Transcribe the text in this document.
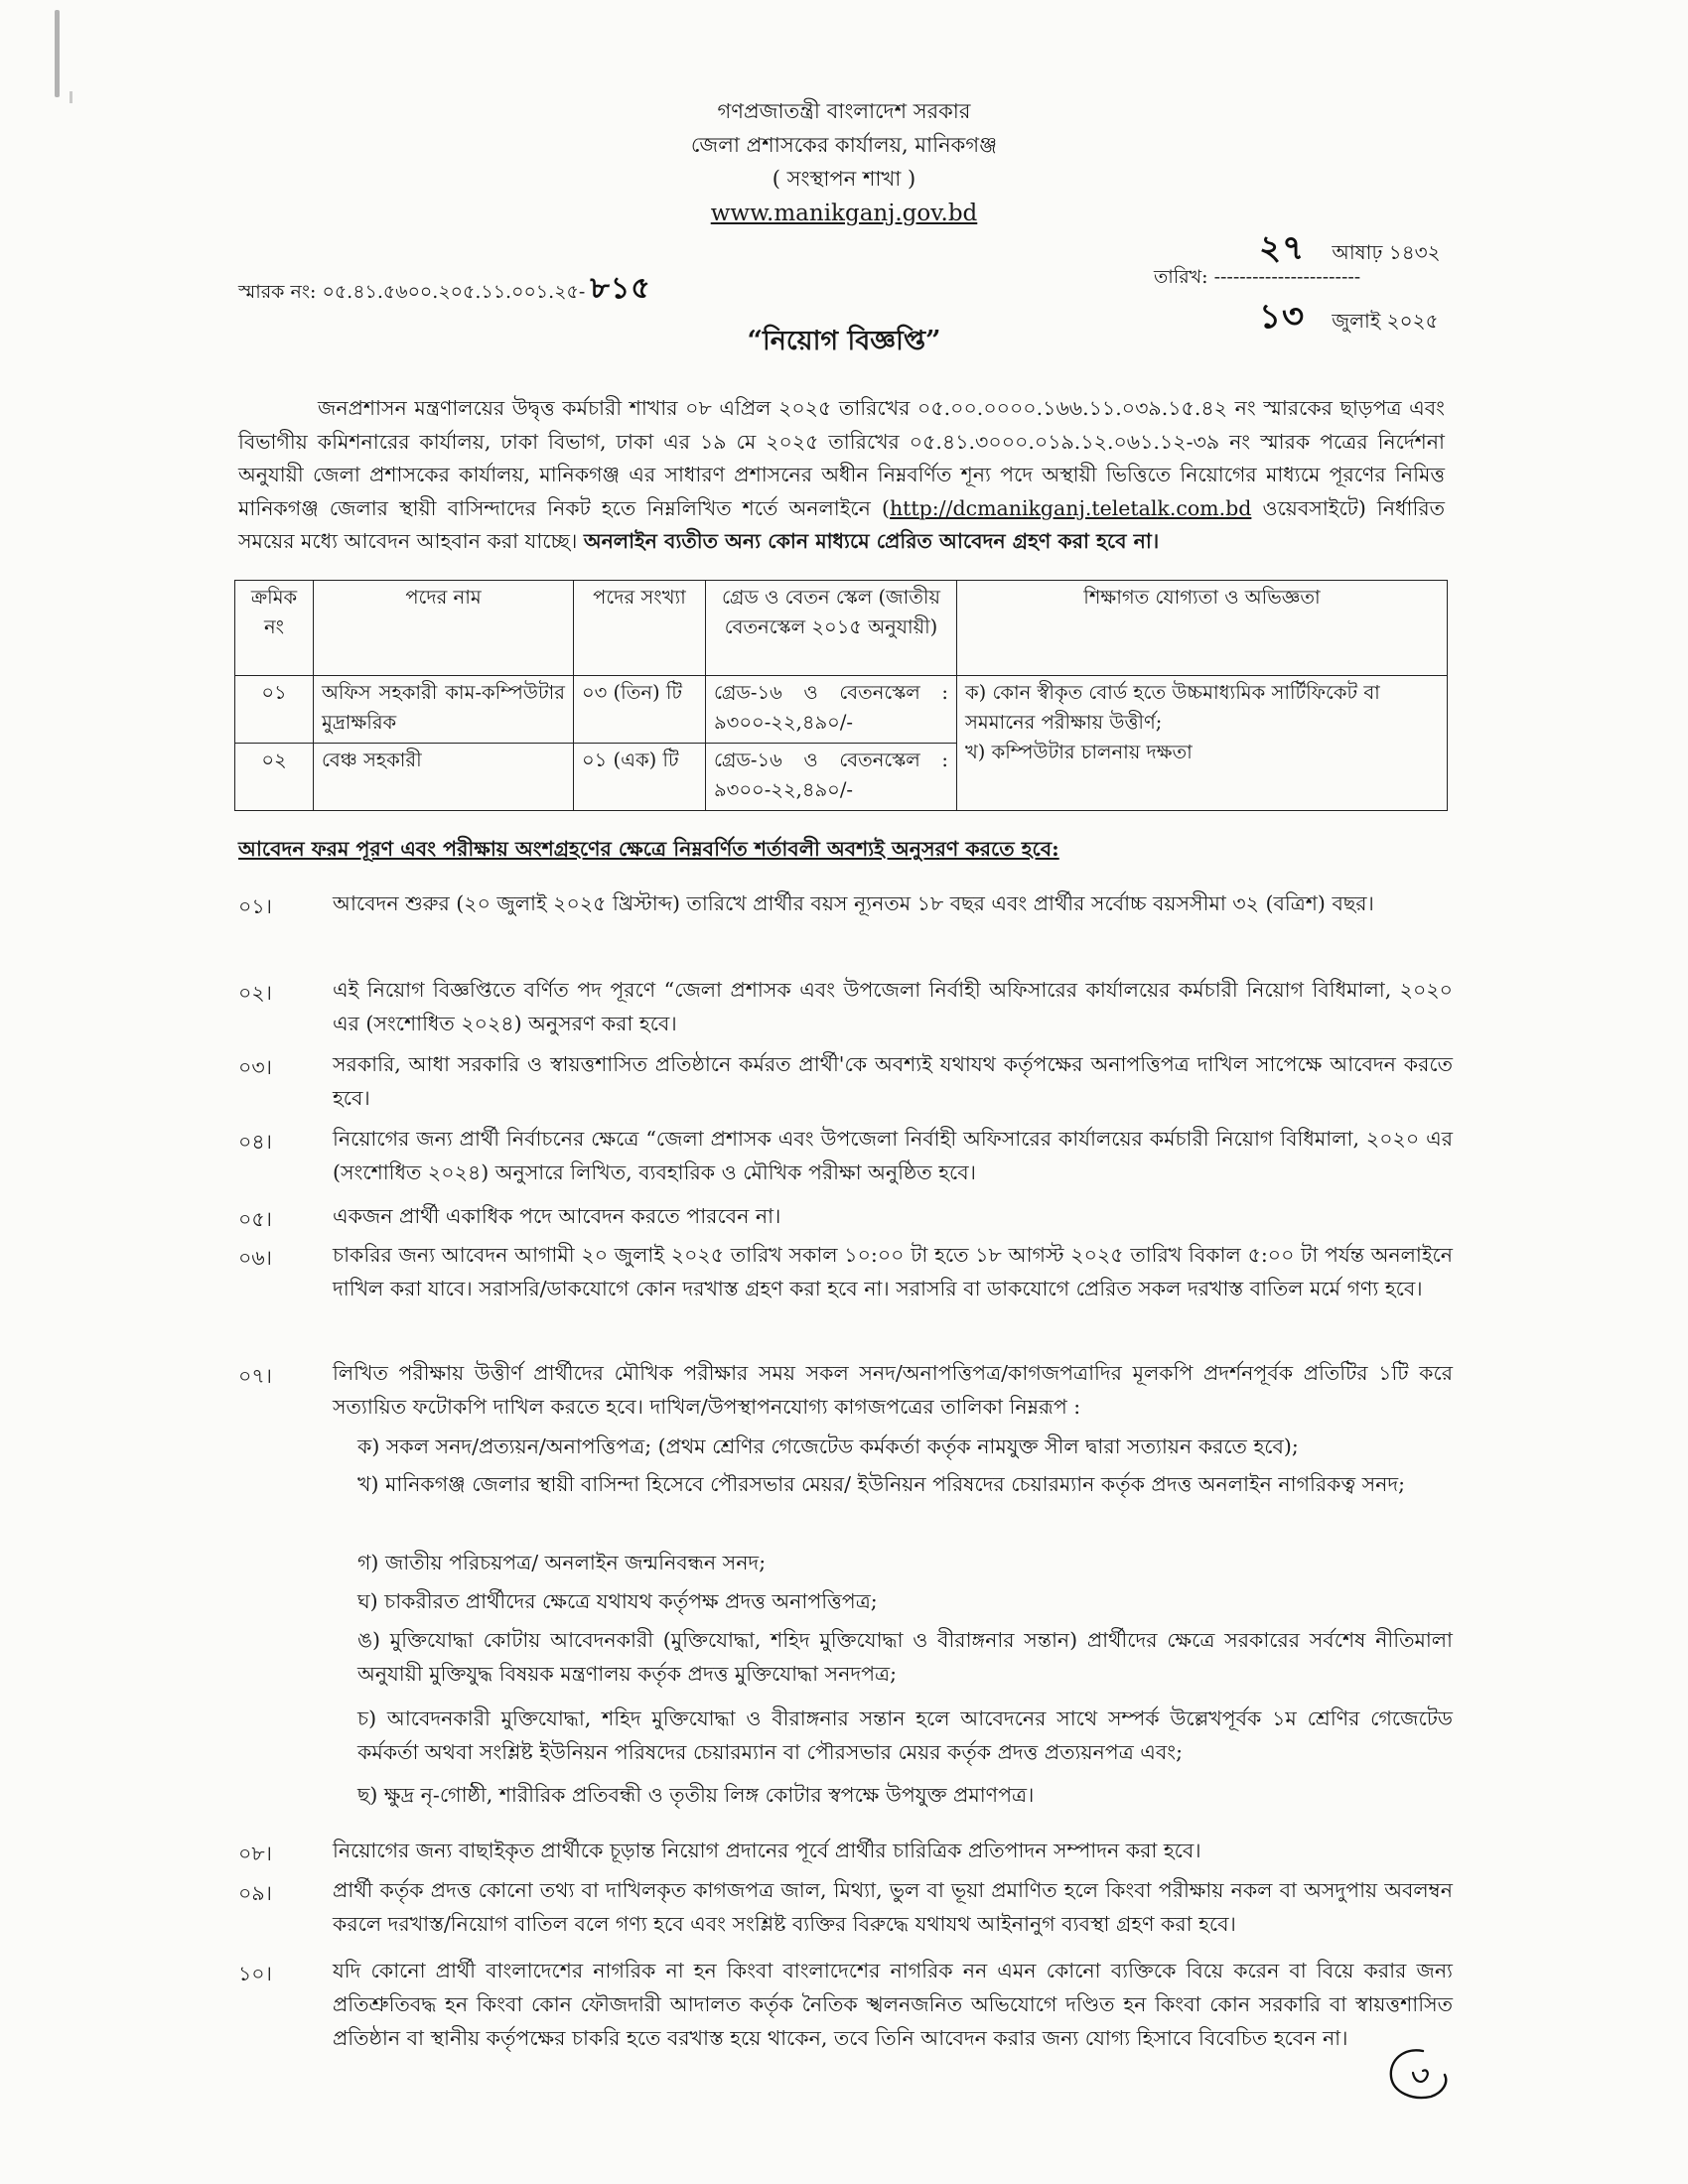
গণপ্রজাতন্ত্রী বাংলাদেশ সরকার
জেলা প্রশাসকের কার্যালয়, মানিকগঞ্জ
( সংস্থাপন শাখা )
www.manikganj.gov.bd
স্মারক নং: ০৫.৪১.৫৬০০.২০৫.১১.০০১.২৫- ৮১৫
২৭ আষাঢ় ১৪৩২
তারিখ: -----------------------
১৩ জুলাই ২০২৫
“নিয়োগ বিজ্ঞপ্তি”
জনপ্রশাসন মন্ত্রণালয়ের উদ্বৃত্ত কর্মচারী শাখার ০৮ এপ্রিল ২০২৫ তারিখের ০৫.০০.০০০০.১৬৬.১১.০৩৯.১৫.৪২ নং স্মারকের ছাড়পত্র এবং বিভাগীয় কমিশনারের কার্যালয়, ঢাকা বিভাগ, ঢাকা এর ১৯ মে ২০২৫ তারিখের ০৫.৪১.৩০০০.০১৯.১২.০৬১.১২-৩৯ নং স্মারক পত্রের নির্দেশনা অনুযায়ী জেলা প্রশাসকের কার্যালয়, মানিকগঞ্জ এর সাধারণ প্রশাসনের অধীন নিম্নবর্ণিত শূন্য পদে অস্থায়ী ভিত্তিতে নিয়োগের মাধ্যমে পূরণের নিমিত্ত মানিকগঞ্জ জেলার স্থায়ী বাসিন্দাদের নিকট হতে নিম্নলিখিত শর্তে অনলাইনে (http://dcmanikganj.teletalk.com.bd ওয়েবসাইটে) নির্ধারিত সময়ের মধ্যে আবেদন আহবান করা যাচ্ছে। অনলাইন ব্যতীত অন্য কোন মাধ্যমে প্রেরিত আবেদন গ্রহণ করা হবে না।
ক্রমিক নং	পদের নাম	পদের সংখ্যা	গ্রেড ও বেতন স্কেল (জাতীয় বেতনস্কেল ২০১৫ অনুযায়ী)	শিক্ষাগত যোগ্যতা ও অভিজ্ঞতা
০১	অফিস সহকারী কাম-কম্পিউটার মুদ্রাক্ষরিক	০৩ (তিন) টি	গ্রেড-১৬ ও বেতনস্কেল : ৯৩০০-২২,৪৯০/-	ক) কোন স্বীকৃত বোর্ড হতে উচ্চমাধ্যমিক সার্টিফিকেট বা সমমানের পরীক্ষায় উত্তীর্ণ;
খ) কম্পিউটার চালনায় দক্ষতা

০২	বেঞ্চ সহকারী	০১ (এক) টি	গ্রেড-১৬ ও বেতনস্কেল : ৯৩০০-২২,৪৯০/-	
আবেদন ফরম পূরণ এবং পরীক্ষায় অংশগ্রহণের ক্ষেত্রে নিম্নবর্ণিত শর্তাবলী অবশ্যই অনুসরণ করতে হবে:
০১।	আবেদন শুরুর (২০ জুলাই ২০২৫ খ্রিস্টাব্দ) তারিখে প্রার্থীর বয়স ন্যূনতম ১৮ বছর এবং প্রার্থীর সর্বোচ্চ বয়সসীমা ৩২ (বত্রিশ) বছর।
০২।	এই নিয়োগ বিজ্ঞপ্তিতে বর্ণিত পদ পূরণে “জেলা প্রশাসক এবং উপজেলা নির্বাহী অফিসারের কার্যালয়ের কর্মচারী নিয়োগ বিধিমালা, ২০২০ এর (সংশোধিত ২০২৪) অনুসরণ করা হবে।
০৩।	সরকারি, আধা সরকারি ও স্বায়ত্তশাসিত প্রতিষ্ঠানে কর্মরত প্রার্থী'কে অবশ্যই যথাযথ কর্তৃপক্ষের অনাপত্তিপত্র দাখিল সাপেক্ষে আবেদন করতে হবে।
০৪।	নিয়োগের জন্য প্রার্থী নির্বাচনের ক্ষেত্রে “জেলা প্রশাসক এবং উপজেলা নির্বাহী অফিসারের কার্যালয়ের কর্মচারী নিয়োগ বিধিমালা, ২০২০ এর (সংশোধিত ২০২৪) অনুসারে লিখিত, ব্যবহারিক ও মৌখিক পরীক্ষা অনুষ্ঠিত হবে।
০৫।	একজন প্রার্থী একাধিক পদে আবেদন করতে পারবেন না।
০৬।	চাকরির জন্য আবেদন আগামী ২০ জুলাই ২০২৫ তারিখ সকাল ১০:০০ টা হতে ১৮ আগস্ট ২০২৫ তারিখ বিকাল ৫:০০ টা পর্যন্ত অনলাইনে দাখিল করা যাবে। সরাসরি/ডাকযোগে কোন দরখাস্ত গ্রহণ করা হবে না। সরাসরি বা ডাকযোগে প্রেরিত সকল দরখাস্ত বাতিল মর্মে গণ্য হবে।
০৭।	লিখিত পরীক্ষায় উত্তীর্ণ প্রার্থীদের মৌখিক পরীক্ষার সময় সকল সনদ/অনাপত্তিপত্র/কাগজপত্রাদির মূলকপি প্রদর্শনপূর্বক প্রতিটির ১টি করে সত্যায়িত ফটোকপি দাখিল করতে হবে। দাখিল/উপস্থাপনযোগ্য কাগজপত্রের তালিকা নিম্নরূপ :
ক) সকল সনদ/প্রত্যয়ন/অনাপত্তিপত্র; (প্রথম শ্রেণির গেজেটেড কর্মকর্তা কর্তৃক নামযুক্ত সীল দ্বারা সত্যায়ন করতে হবে);
খ) মানিকগঞ্জ জেলার স্থায়ী বাসিন্দা হিসেবে পৌরসভার মেয়র/ ইউনিয়ন পরিষদের চেয়ারম্যান কর্তৃক প্রদত্ত অনলাইন নাগরিকত্ব সনদ;
গ) জাতীয় পরিচয়পত্র/ অনলাইন জন্মনিবন্ধন সনদ;
ঘ) চাকরীরত প্রার্থীদের ক্ষেত্রে যথাযথ কর্তৃপক্ষ প্রদত্ত অনাপত্তিপত্র;
ঙ) মুক্তিযোদ্ধা কোটায় আবেদনকারী (মুক্তিযোদ্ধা, শহিদ মুক্তিযোদ্ধা ও বীরাঙ্গনার সন্তান) প্রার্থীদের ক্ষেত্রে সরকারের সর্বশেষ নীতিমালা অনুযায়ী মুক্তিযুদ্ধ বিষয়ক মন্ত্রণালয় কর্তৃক প্রদত্ত মুক্তিযোদ্ধা সনদপত্র;
চ) আবেদনকারী মুক্তিযোদ্ধা, শহিদ মুক্তিযোদ্ধা ও বীরাঙ্গনার সন্তান হলে আবেদনের সাথে সম্পর্ক উল্লেখপূর্বক ১ম শ্রেণির গেজেটেড কর্মকর্তা অথবা সংশ্লিষ্ট ইউনিয়ন পরিষদের চেয়ারম্যান বা পৌরসভার মেয়র কর্তৃক প্রদত্ত প্রত্যয়নপত্র এবং;
ছ) ক্ষুদ্র নৃ-গোষ্ঠী, শারীরিক প্রতিবন্ধী ও তৃতীয় লিঙ্গ কোটার স্বপক্ষে উপযুক্ত প্রমাণপত্র।
০৮।	নিয়োগের জন্য বাছাইকৃত প্রার্থীকে চূড়ান্ত নিয়োগ প্রদানের পূর্বে প্রার্থীর চারিত্রিক প্রতিপাদন সম্পাদন করা হবে।
০৯।	প্রার্থী কর্তৃক প্রদত্ত কোনো তথ্য বা দাখিলকৃত কাগজপত্র জাল, মিথ্যা, ভুল বা ভূয়া প্রমাণিত হলে কিংবা পরীক্ষায় নকল বা অসদুপায় অবলম্বন করলে দরখাস্ত/নিয়োগ বাতিল বলে গণ্য হবে এবং সংশ্লিষ্ট ব্যক্তির বিরুদ্ধে যথাযথ আইনানুগ ব্যবস্থা গ্রহণ করা হবে।
১০।	যদি কোনো প্রার্থী বাংলাদেশের নাগরিক না হন কিংবা বাংলাদেশের নাগরিক নন এমন কোনো ব্যক্তিকে বিয়ে করেন বা বিয়ে করার জন্য প্রতিশ্রুতিবদ্ধ হন কিংবা কোন ফৌজদারী আদালত কর্তৃক নৈতিক স্খলনজনিত অভিযোগে দণ্ডিত হন কিংবা কোন সরকারি বা স্বায়ত্তশাসিত প্রতিষ্ঠান বা স্থানীয় কর্তৃপক্ষের চাকরি হতে বরখাস্ত হয়ে থাকেন, তবে তিনি আবেদন করার জন্য যোগ্য হিসাবে বিবেচিত হবেন না।
